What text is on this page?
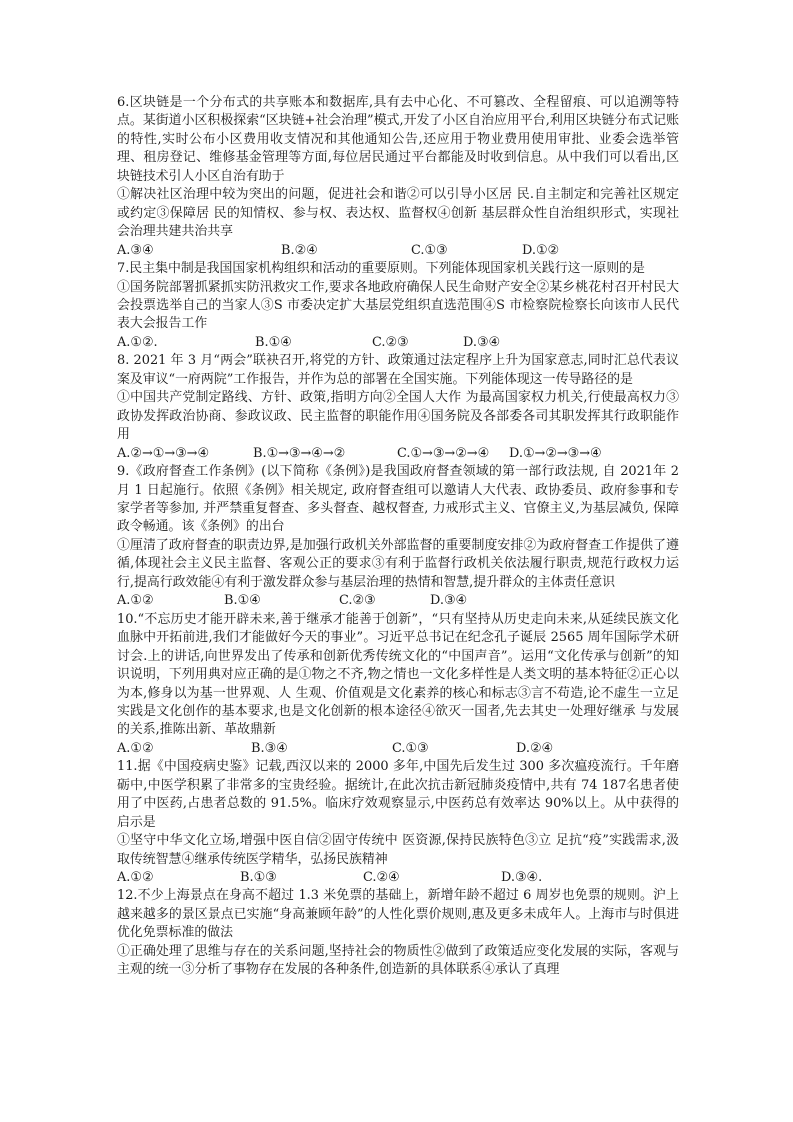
6.区块链是一个分布式的共享账本和数据库,具有去中心化、不可篡改、全程留痕、可以追溯等特点。某街道小区积极探索“区块链+社会治理”模式,开发了小区自治应用平台,利用区块链分布式记账的特性,实时公布小区费用收支情况和其他通知公告,还应用于物业费用使用审批、业委会选举管理、租房登记、维修基金管理等方面,每位居民通过平台都能及时收到信息。从中我们可以看出,区块链技术引人小区自治有助于

①解决社区治理中较为突出的问题，促进社会和谐②可以引导小区居 民.自主制定和完善社区规定或约定③保障居 民的知情权、参与权、表达权、监督权④创新 基层群众性自治组织形式，实现社会治理共建共治共享

A.③④	B.②④	C.①③	D.①②

7.民主集中制是我国国家机构组织和活动的重要原则。下列能体现国家机关践行这一原则的是

①国务院部署抓紧抓实防汛救灾工作,要求各地政府确保人民生命财产安全②某乡桃花村召开村民大会投票选举自己的当家人③S 市委决定扩大基层党组织直选范围④S 市检察院检察长向该市人民代表大会报告工作

A.①②.	B.①④	C.②③	D.③④

8. 2021 年 3 月“两会”联袂召开,将党的方针、政策通过法定程序上升为国家意志,同时汇总代表议案及审议“一府两院”工作报告，并作为总的部署在全国实施。下列能体现这一传导路径的是

①中国共产党制定路线、方针、政策,指明方向②全国人大作 为最高国家权力机关,行使最高权力③政协发挥政治协商、参政议政、民主监督的职能作用④国务院及各部委各司其职发挥其行政职能作用

A.②→①→③→④	B.①→③→④→②	C.①→③→②→④	D.①→②→③→④

9.《政府督查工作条例》(以下简称《条例》)是我国政府督查领域的第一部行政法规, 自 2021年 2 月 1 日起施行。依照《条例》相关规定, 政府督查组可以邀请人大代表、政协委员、政府参事和专家学者等参加, 并严禁重复督查、多头督查、越权督查, 力戒形式主义、官僚主义,为基层减负, 保障政令畅通。该《条例》的出台

①厘清了政府督查的职责边界,是加强行政机关外部监督的重要制度安排②为政府督查工作提供了遵循,体现社会主义民主监督、客观公正的要求③有利于监督行政机关依法履行职责,规范行政权力运行,提高行政效能④有利于激发群众参与基层治理的热情和智慧,提升群众的主体责任意识

A.①②	B.①④	C.②③	D.③④

10.“不忘历史才能开辟未来,善于继承才能善于创新”，“只有坚持从历史走向未来,从延续民族文化血脉中开拓前进,我们才能做好今天的事业”。习近平总书记在纪念孔子诞辰 2565 周年国际学术研讨会.上的讲话,向世界发出了传承和创新优秀传统文化的“中国声音”。运用“文化传承与创新”的知识说明，下列用典对应正确的是①物之不齐,物之情也一文化多样性是人类文明的基本特征②正心以为本,修身以为基一世界观、人 生观、价值观是文化素养的核心和标志③言不苟造,论不虚生一立足实践是文化创作的基本要求,也是文化创新的根本途径④欲灭一国者,先去其史一处理好继承 与发展的关系,推陈出新、革故鼎新

A.①②	B.③④	C.①③	D.②④

11.据《中国疫病史鉴》记载,西汉以来的 2000 多年,中国先后发生过 300 多次瘟疫流行。千年磨砺中,中医学积累了非常多的宝贵经验。据统计,在此次抗击新冠肺炎疫情中,共有 74 187名患者使用了中医药,占患者总数的 91.5%。临床疗效观察显示,中医药总有效率达 90%以上。从中获得的启示是

①坚守中华文化立场,增强中医自信②固守传统中 医资源,保持民族特色③立 足抗“疫”实践需求,汲取传统智慧④继承传统医学精华，弘扬民族精神

A.①②	B.①③	C.②④	D.③④.

12.不少上海景点在身高不超过 1.3 米免票的基础上，新增年龄不超过 6 周岁也免票的规则。沪上越来越多的景区景点已实施“身高兼顾年龄”的人性化票价规则,惠及更多未成年人。上海市与时俱进优化免票标准的做法

①正确处理了思维与存在的关系问题,坚持社会的物质性②做到了政策适应变化发展的实际，客观与主观的统一③分析了事物存在发展的各种条件,创造新的具体联系④承认了真理
